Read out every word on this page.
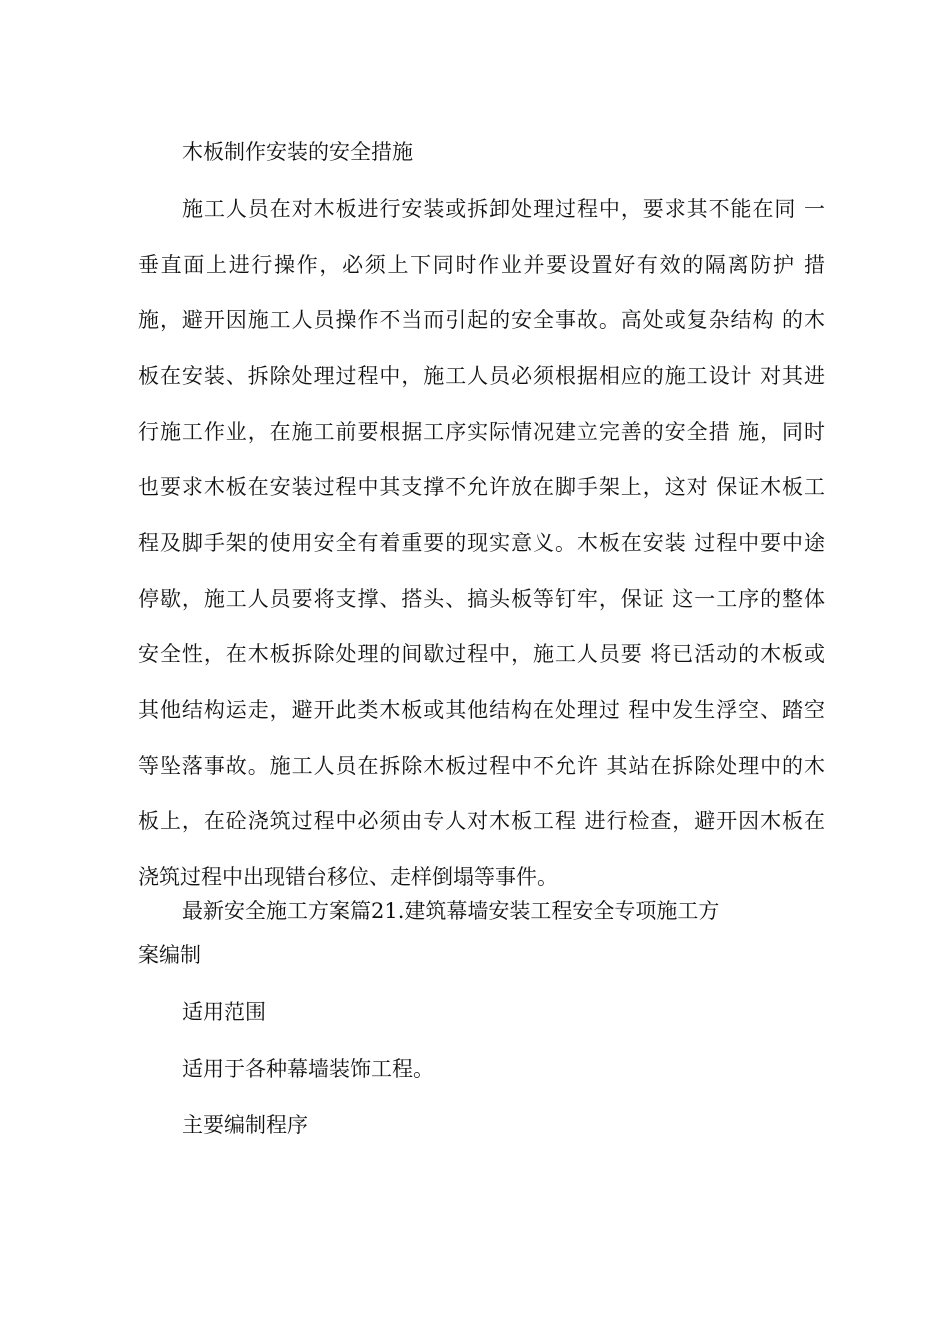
木板制作安装的安全措施

施工人员在对木板进行安装或拆卸处理过程中，要求其不能在同 一

垂直面上进行操作，必须上下同时作业并要设置好有效的隔离防护 措

施，避开因施工人员操作不当而引起的安全事故。高处或复杂结构 的木

板在安装、拆除处理过程中，施工人员必须根据相应的施工设计 对其进

行施工作业，在施工前要根据工序实际情况建立完善的安全措 施，同时

也要求木板在安装过程中其支撑不允许放在脚手架上，这对 保证木板工

程及脚手架的使用安全有着重要的现实意义。木板在安装 过程中要中途

停歇，施工人员要将支撑、搭头、搞头板等钉牢，保证 这一工序的整体

安全性，在木板拆除处理的间歇过程中，施工人员要 将已活动的木板或

其他结构运走，避开此类木板或其他结构在处理过 程中发生浮空、踏空

等坠落事故。施工人员在拆除木板过程中不允许 其站在拆除处理中的木

板上，在砼浇筑过程中必须由专人对木板工程 进行检查，避开因木板在

浇筑过程中出现错台移位、走样倒塌等事件。

最新安全施工方案篇21.建筑幕墙安装工程安全专项施工方

案编制

适用范围

适用于各种幕墙装饰工程。

主要编制程序
